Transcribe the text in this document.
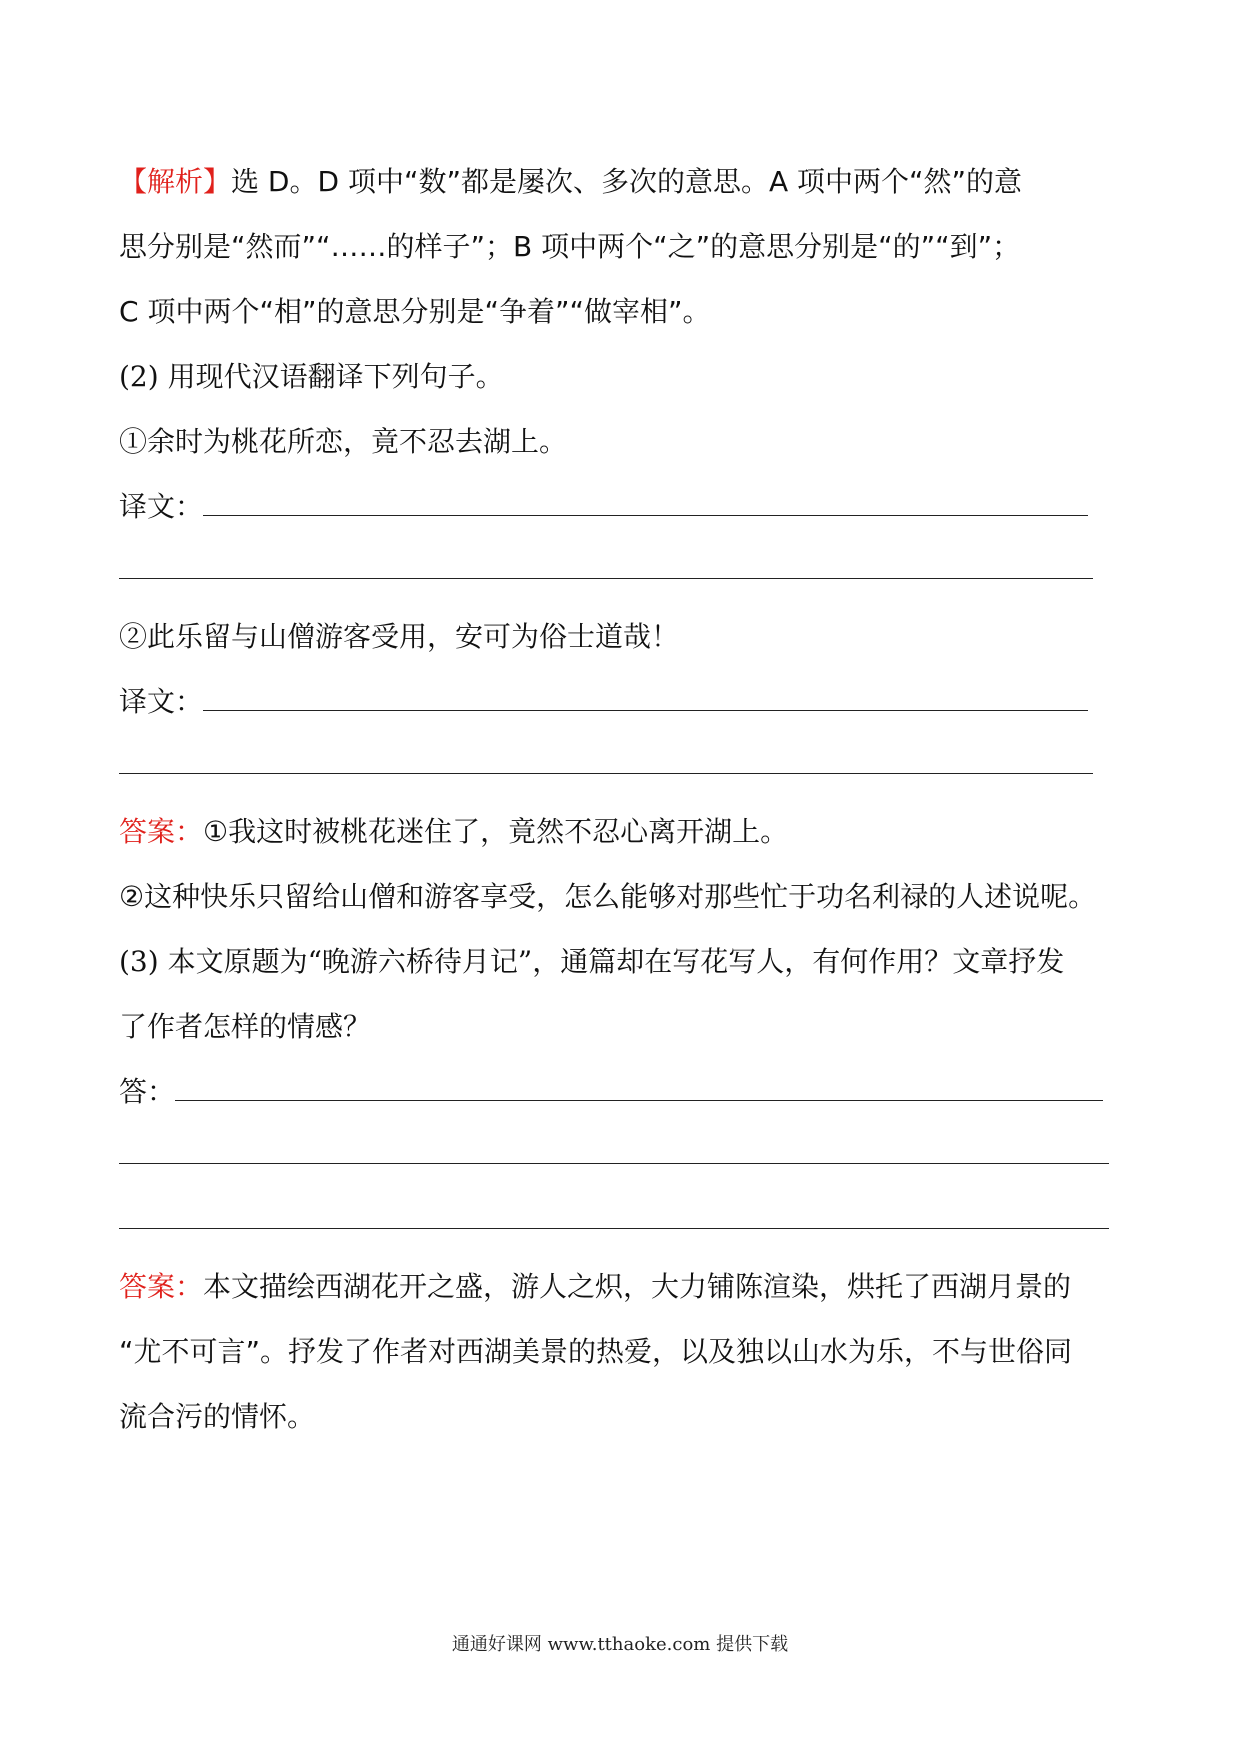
【解析】选 D。D 项中“数”都是屡次、多次的意思。A 项中两个“然”的意
思分别是“然而”“……的样子”；B 项中两个“之”的意思分别是“的”“到”；
C 项中两个“相”的意思分别是“争着”“做宰相”。
(2) 用现代汉语翻译下列句子。
①余时为桃花所恋，竟不忍去湖上。
译文：
②此乐留与山僧游客受用，安可为俗士道哉！
译文：
答案：①我这时被桃花迷住了，竟然不忍心离开湖上。
②这种快乐只留给山僧和游客享受，怎么能够对那些忙于功名利禄的人述说呢。
(3) 本文原题为“晚游六桥待月记”，通篇却在写花写人，有何作用？文章抒发
了作者怎样的情感？
答：
答案：本文描绘西湖花开之盛，游人之炽，大力铺陈渲染，烘托了西湖月景的
“尤不可言”。抒发了作者对西湖美景的热爱，以及独以山水为乐，不与世俗同
流合污的情怀。
通通好课网 www.tthaoke.com 提供下载
